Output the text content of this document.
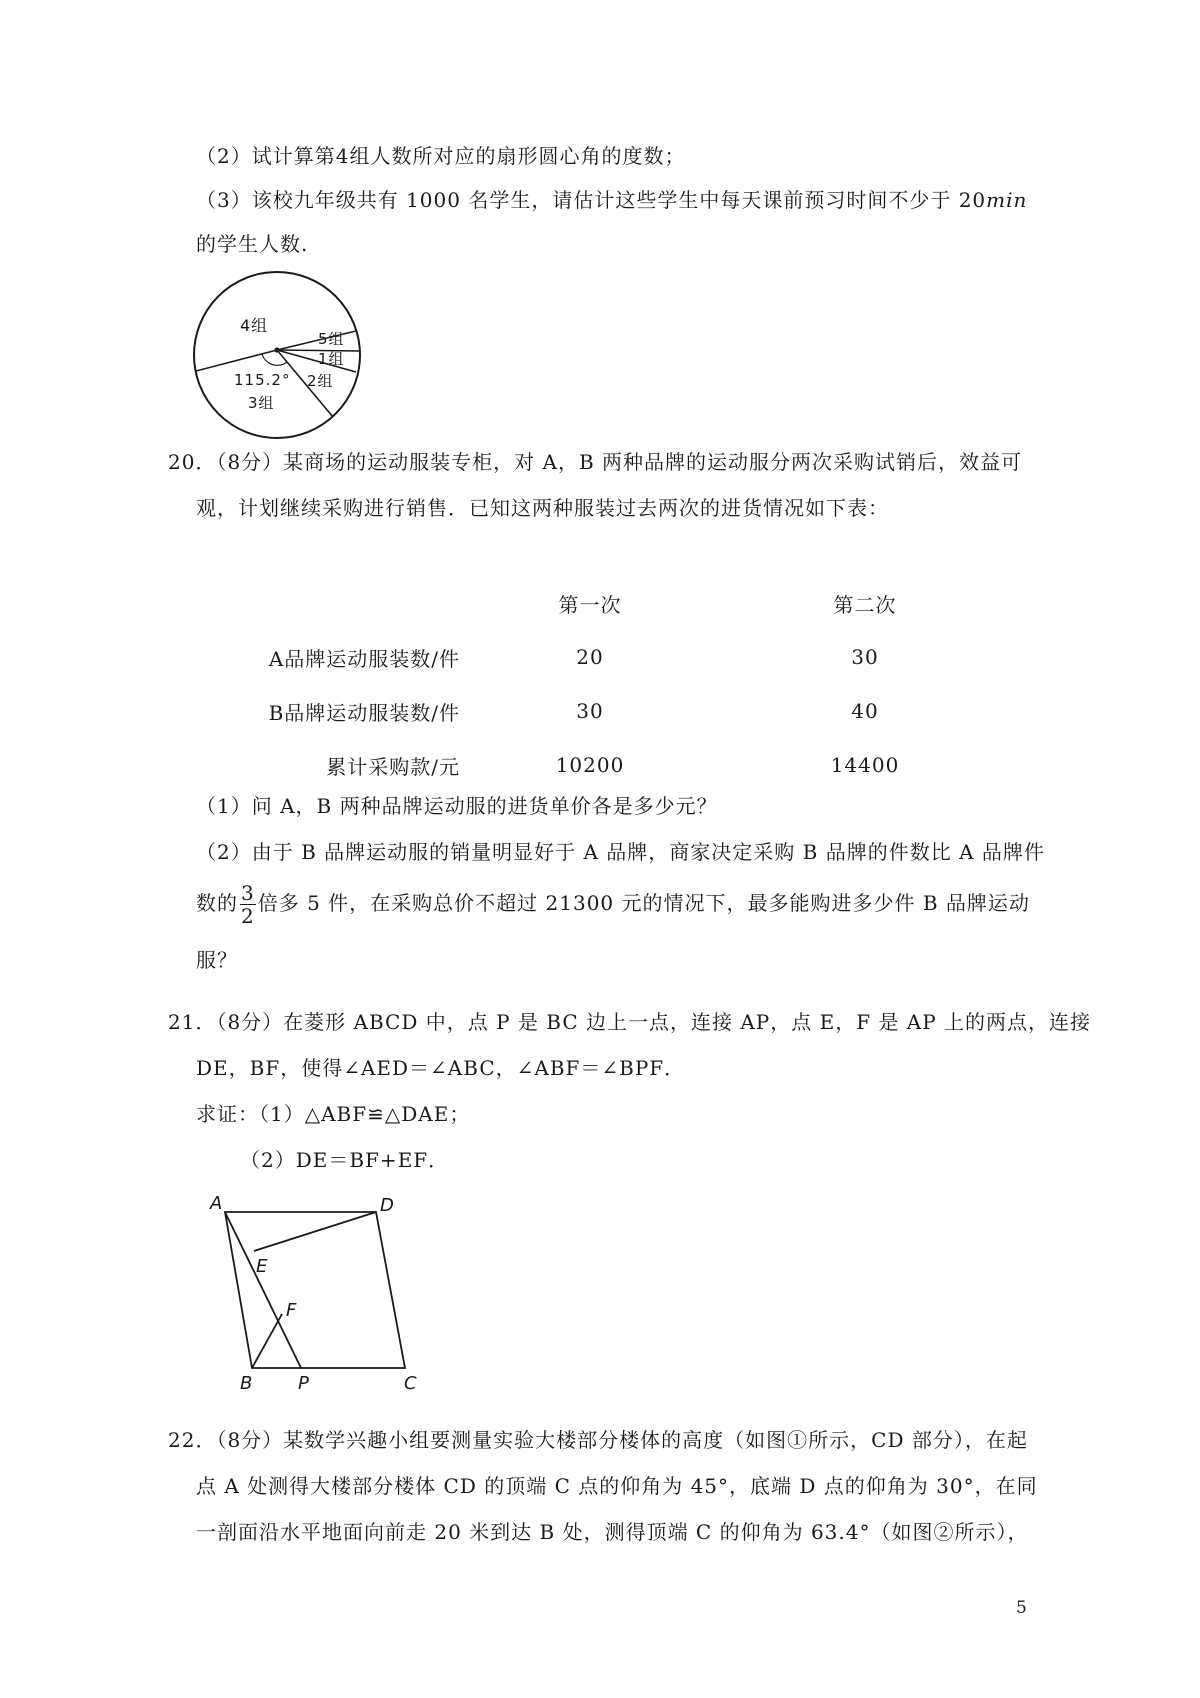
（2）试计算第4组人数所对应的扇形圆心角的度数；
（3）该校九年级共有 1000 名学生，请估计这些学生中每天课前预习时间不少于 20min
的学生人数.
4组
5组
1组
2组
115.2°
3组
20．（8分）某商场的运动服装专柜，对 A，B 两种品牌的运动服分两次采购试销后，效益可
观，计划继续采购进行销售．已知这两种服装过去两次的进货情况如下表：
	第一次	第二次
A品牌运动服装数/件	20	30
B品牌运动服装数/件	30	40
累计采购款/元	10200	14400
（1）问 A，B 两种品牌运动服的进货单价各是多少元？
（2）由于 B 品牌运动服的销量明显好于 A 品牌，商家决定采购 B 品牌的件数比 A 品牌件
数的 $\frac{3}{2}$ 倍多 5 件，在采购总价不超过 21300 元的情况下，最多能购进多少件 B 品牌运动
服？
21．（8分）在菱形 ABCD 中，点 P 是 BC 边上一点，连接 AP，点 E，F 是 AP 上的两点，连接
DE，BF，使得∠AED＝∠ABC，∠ABF＝∠BPF．
求证：（1）△ABF≌△DAE；
（2）DE＝BF+EF．
A	D
E
F
B P	C
22．（8分）某数学兴趣小组要测量实验大楼部分楼体的高度（如图①所示，CD 部分），在起
点 A 处测得大楼部分楼体 CD 的顶端 C 点的仰角为 45°，底端 D 点的仰角为 30°，在同
一剖面沿水平地面向前走 20 米到达 B 处，测得顶端 C 的仰角为 63.4°（如图②所示），
5
